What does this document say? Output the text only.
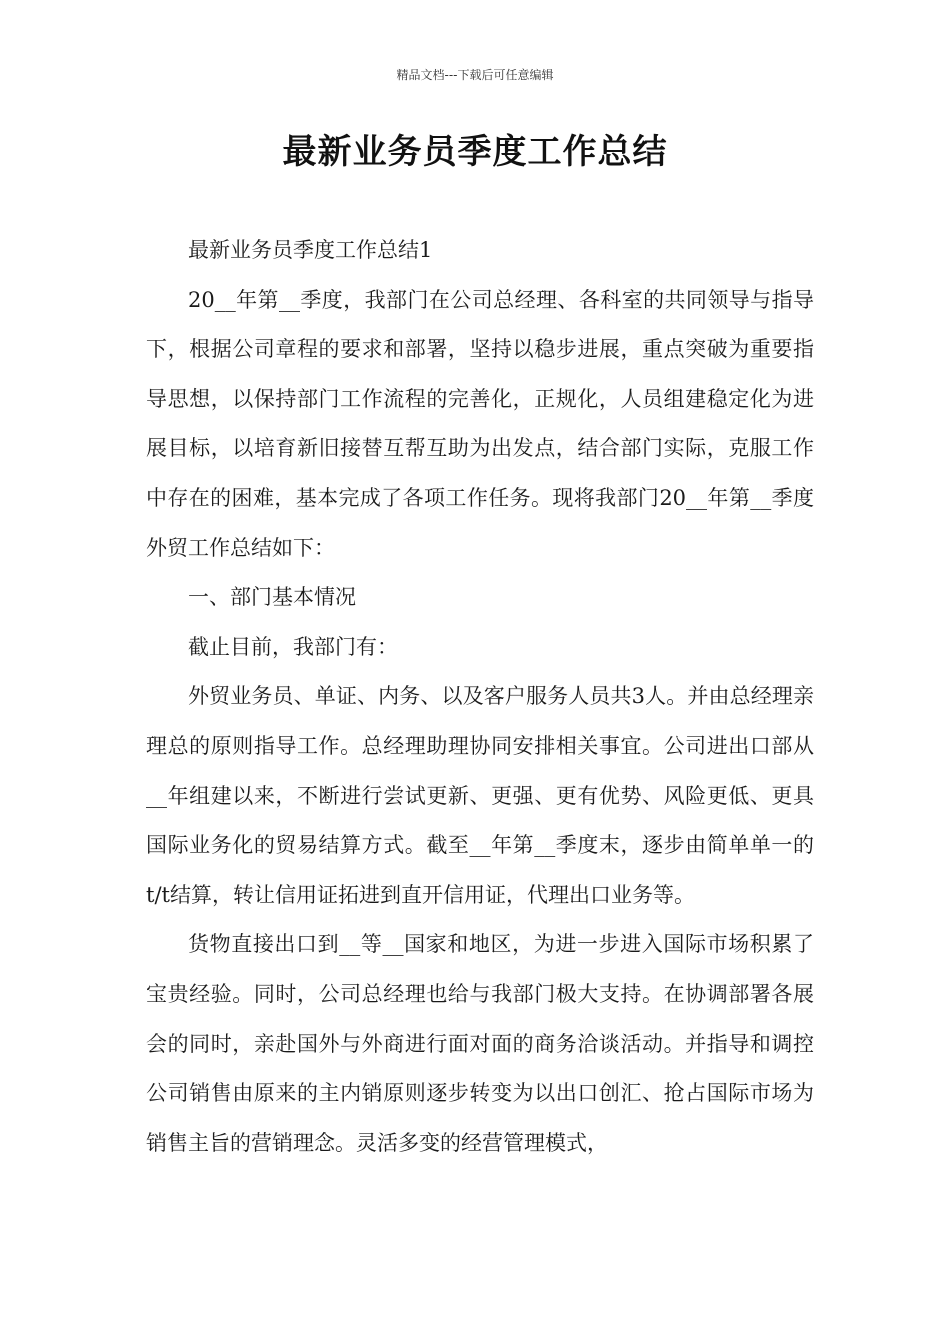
精品文档---下载后可任意编辑
最新业务员季度工作总结

最新业务员季度工作总结1

20__年第__季度，我部门在公司总经理、各科室的共同领导与指导下，根据公司章程的要求和部署，坚持以稳步进展，重点突破为重要指导思想，以保持部门工作流程的完善化，正规化，人员组建稳定化为进展目标，以培育新旧接替互帮互助为出发点，结合部门实际，克服工作中存在的困难，基本完成了各项工作任务。现将我部门20__年第__季度外贸工作总结如下：

一、部门基本情况

截止目前，我部门有：

外贸业务员、单证、内务、以及客户服务人员共3人。并由总经理亲理总的原则指导工作。总经理助理协同安排相关事宜。公司进出口部从__年组建以来，不断进行尝试更新、更强、更有优势、风险更低、更具国际业务化的贸易结算方式。截至__年第__季度末，逐步由简单单一的t/t结算，转让信用证拓进到直开信用证，代理出口业务等。

货物直接出口到__等__国家和地区，为进一步进入国际市场积累了宝贵经验。同时，公司总经理也给与我部门极大支持。在协调部署各展会的同时，亲赴国外与外商进行面对面的商务洽谈活动。并指导和调控公司销售由原来的主内销原则逐步转变为以出口创汇、抢占国际市场为销售主旨的营销理念。灵活多变的经营管理模式，
